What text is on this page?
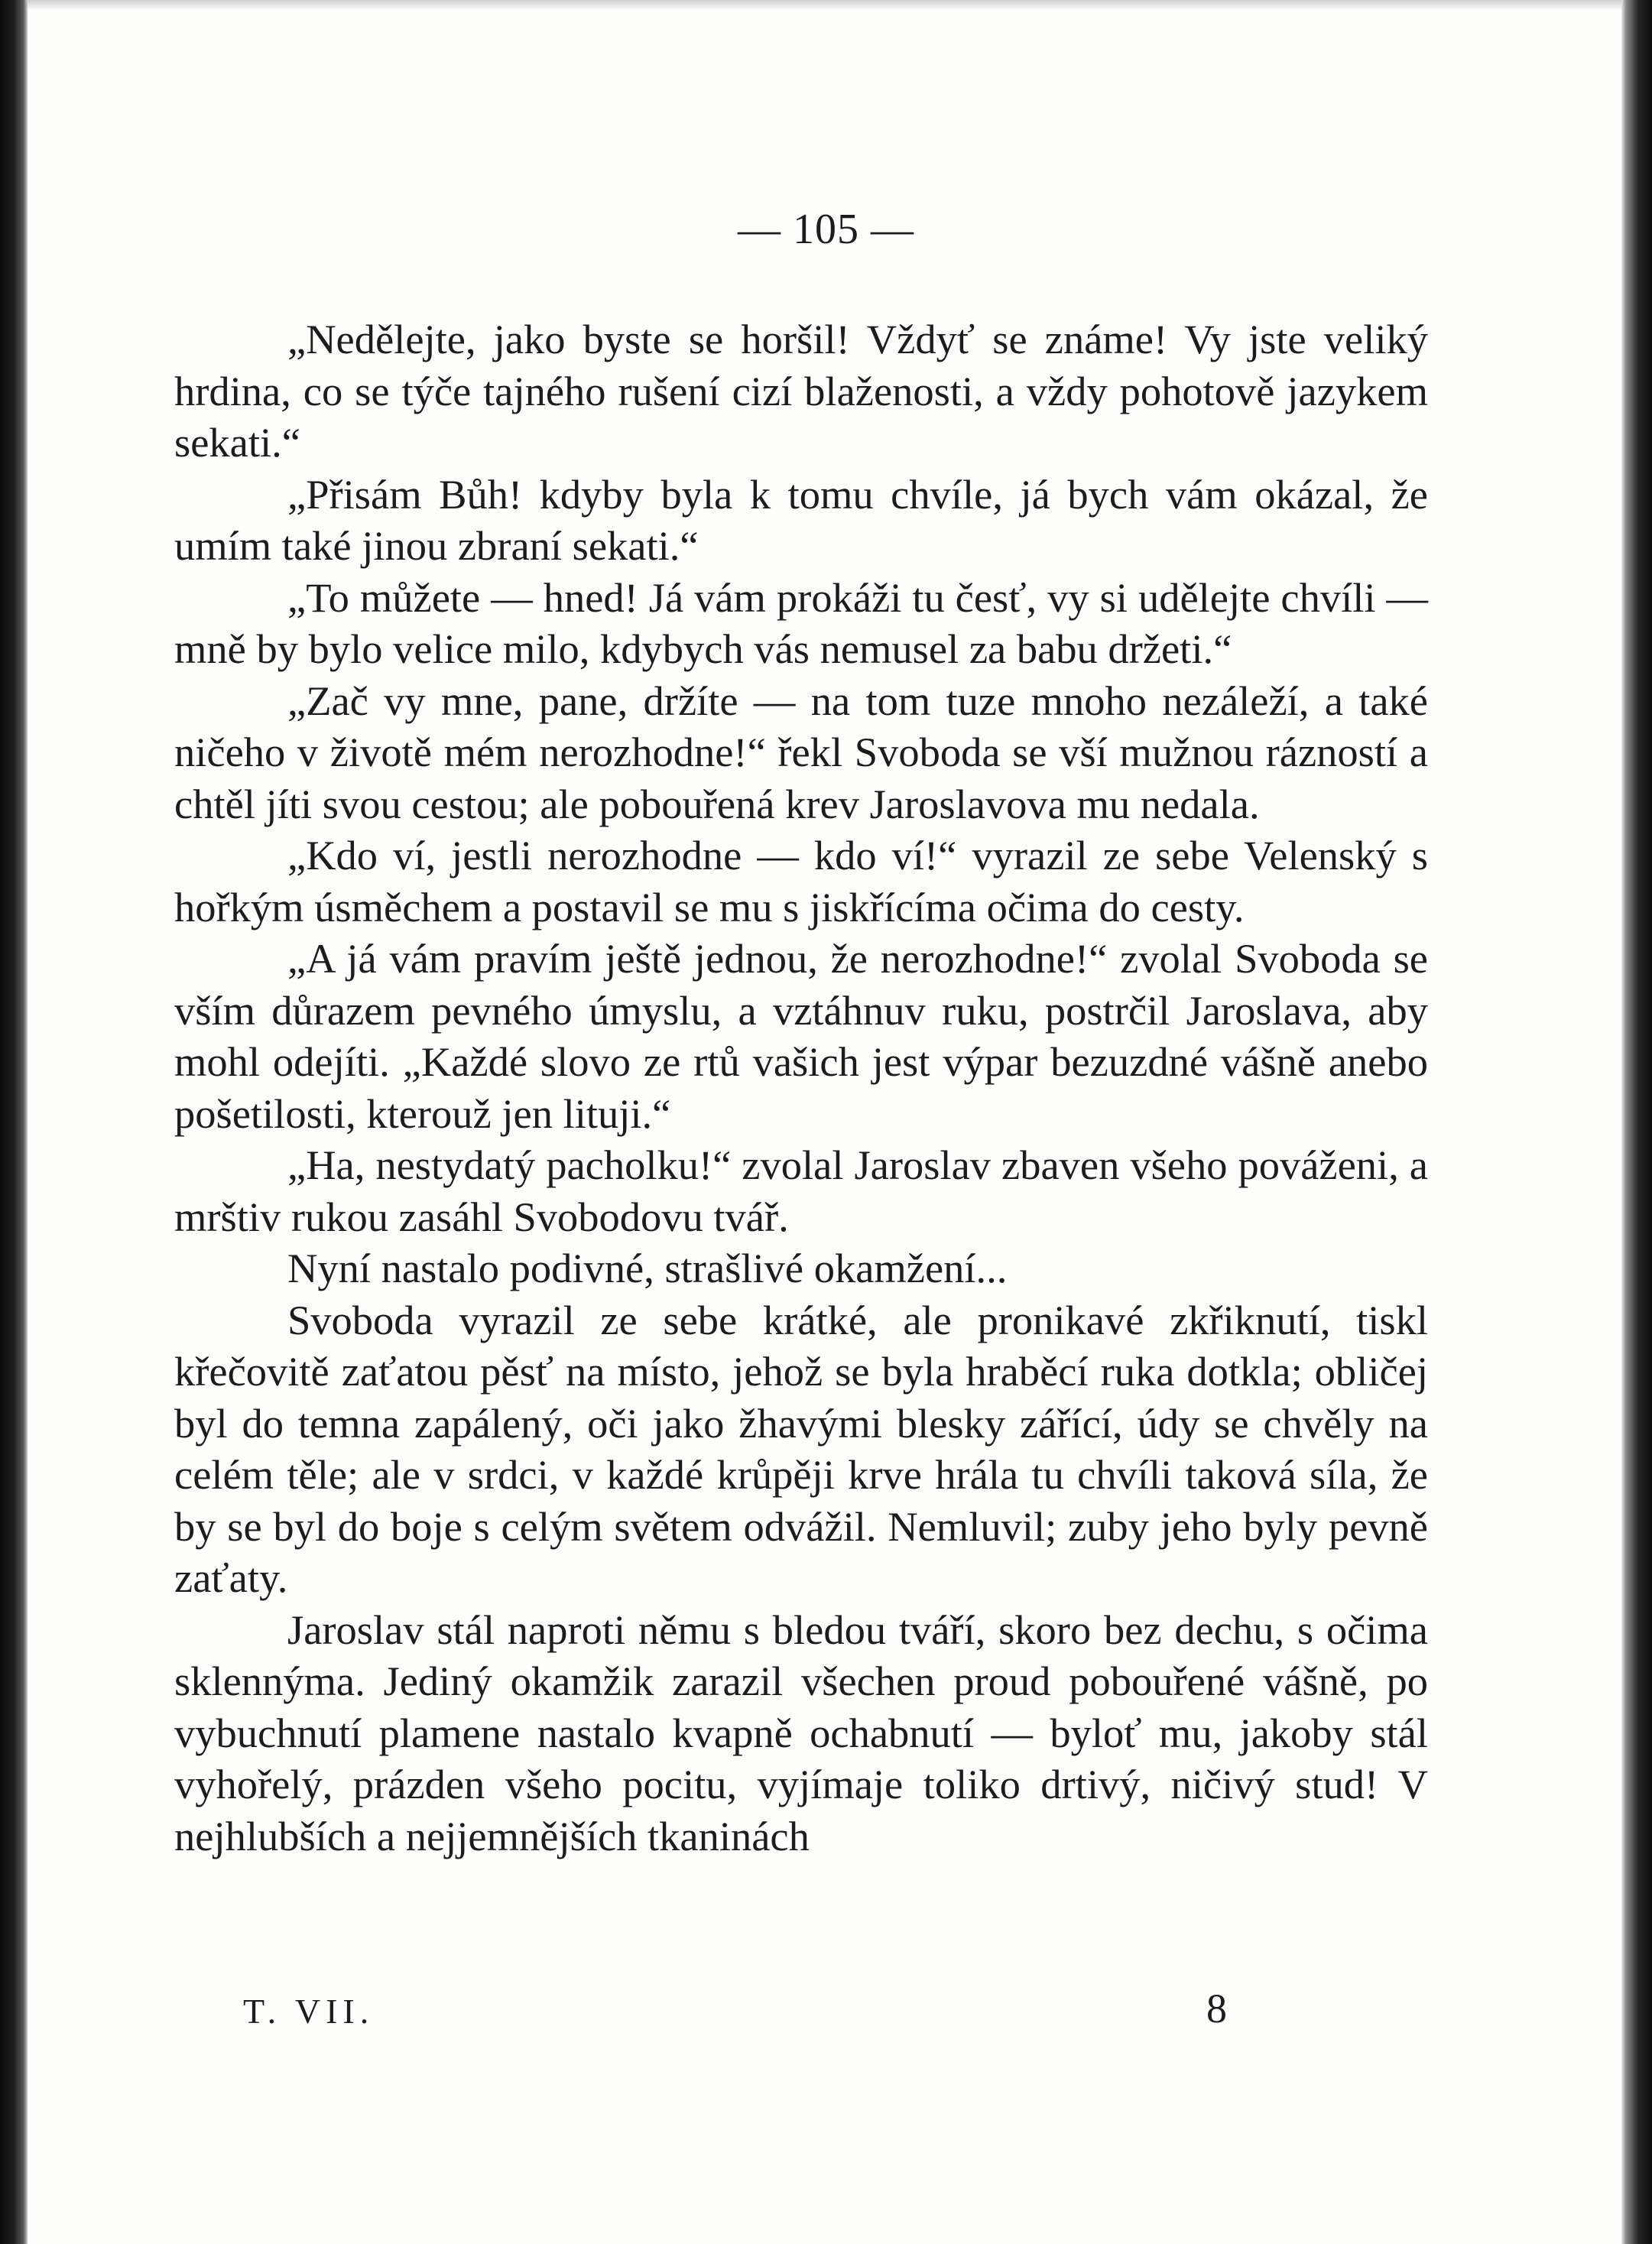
— 105 —

„Nedělejte, jako byste se horšil! Vždyť se známe! Vy jste veliký hrdina, co se týče tajného rušení cizí blaženosti, a vždy pohotově jazykem sekati.“

„Přisám Bůh! kdyby byla k tomu chvíle, já bych vám okázal, že umím také jinou zbraní sekati.“

„To můžete — hned! Já vám prokáži tu česť, vy si udělejte chvíli — mně by bylo velice milo, kdybych vás nemusel za babu držeti.“

„Zač vy mne, pane, držíte — na tom tuze mnoho nezáleží, a také ničeho v životě mém nerozhodne!“ řekl Svoboda se vší mužnou rázností a chtěl jíti svou cestou; ale pobouřená krev Jaroslavova mu nedala.

„Kdo ví, jestli nerozhodne — kdo ví!“ vyrazil ze sebe Velenský s hořkým úsměchem a postavil se mu s jiskřícíma očima do cesty.

„A já vám pravím ještě jednou, že nerozhodne!“ zvolal Svoboda se vším důrazem pevného úmyslu, a vztáhnuv ruku, postrčil Jaroslava, aby mohl odejíti. „Každé slovo ze rtů vašich jest výpar bezuzdné vášně anebo pošetilosti, kterouž jen lituji.“

„Ha, nestydatý pacholku!“ zvolal Jaroslav zbaven všeho pováženi, a mrštiv rukou zasáhl Svobodovu tvář.

Nyní nastalo podivné, strašlivé okamžení...

Svoboda vyrazil ze sebe krátké, ale pronikavé zkřiknutí, tiskl křečovitě zaťatou pěsť na místo, jehož se byla hraběcí ruka dotkla; obličej byl do temna zapálený, oči jako žhavými blesky zářící, údy se chvěly na celém těle; ale v srdci, v každé krůpěji krve hrála tu chvíli taková síla, že by se byl do boje s celým světem odvážil. Nemluvil; zuby jeho byly pevně zaťaty.

Jaroslav stál naproti němu s bledou tváří, skoro bez dechu, s očima sklennýma. Jediný okamžik zarazil všechen proud pobouřené vášně, po vybuchnutí plamene nastalo kvapně ochabnutí — byloť mu, jakoby stál vyhořelý, prázden všeho pocitu, vyjímaje toliko drtivý, ničivý stud! V nejhlubších a nejjemnějších tkaninách

T. VII.	8
